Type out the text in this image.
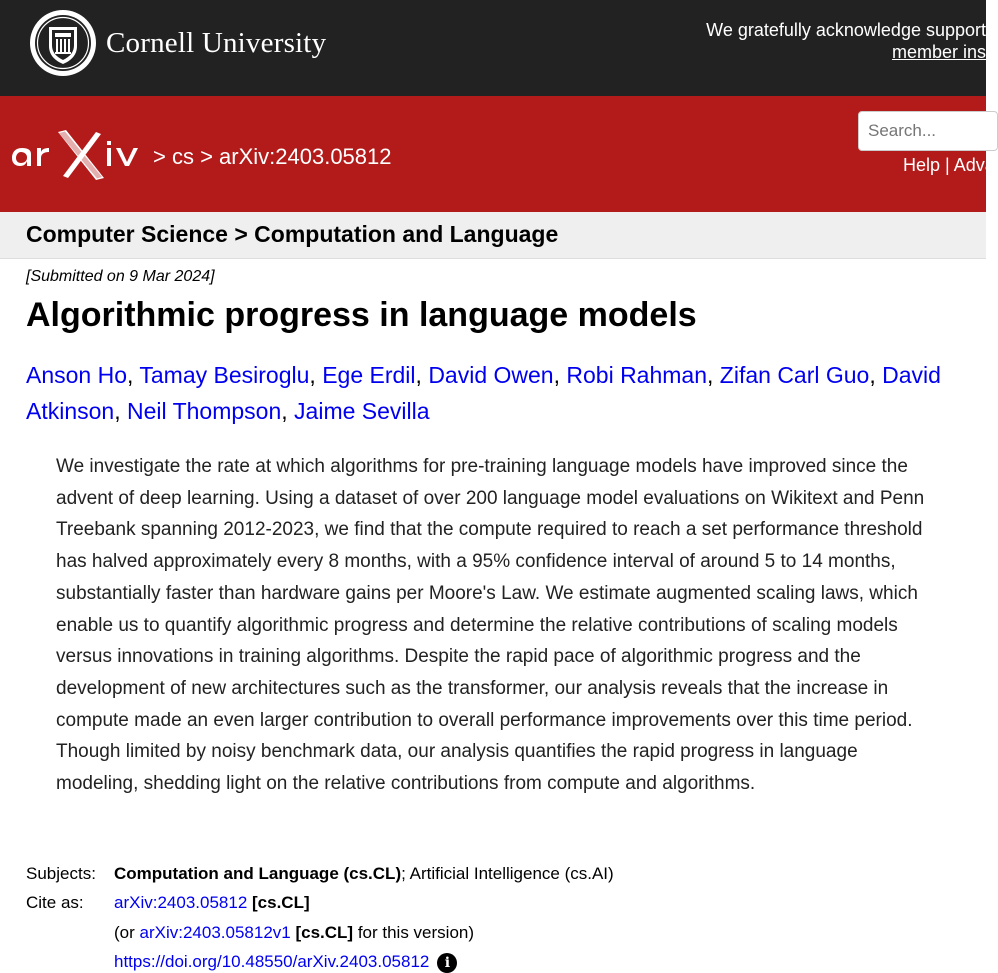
Cornell University	We gratefully acknowledge support
member ins
> cs > arXiv:2403.05812
Search...	Help | Adva
Computer Science > Computation and Language
[Submitted on 9 Mar 2024]
Algorithmic progress in language models
Anson Ho, Tamay Besiroglu, Ege Erdil, David Owen, Robi Rahman, Zifan Carl Guo, David Atkinson, Neil Thompson, Jaime Sevilla
We investigate the rate at which algorithms for pre-training language models have improved since the advent of deep learning. Using a dataset of over 200 language model evaluations on Wikitext and Penn Treebank spanning 2012-2023, we find that the compute required to reach a set performance threshold has halved approximately every 8 months, with a 95% confidence interval of around 5 to 14 months, substantially faster than hardware gains per Moore's Law. We estimate augmented scaling laws, which enable us to quantify algorithmic progress and determine the relative contributions of scaling models versus innovations in training algorithms. Despite the rapid pace of algorithmic progress and the development of new architectures such as the transformer, our analysis reveals that the increase in compute made an even larger contribution to overall performance improvements over this time period. Though limited by noisy benchmark data, our analysis quantifies the rapid progress in language modeling, shedding light on the relative contributions from compute and algorithms.
Subjects: Computation and Language (cs.CL); Artificial Intelligence (cs.AI)
Cite as: arXiv:2403.05812 [cs.CL]
(or arXiv:2403.05812v1 [cs.CL] for this version)
https://doi.org/10.48550/arXiv.2403.05812 i
